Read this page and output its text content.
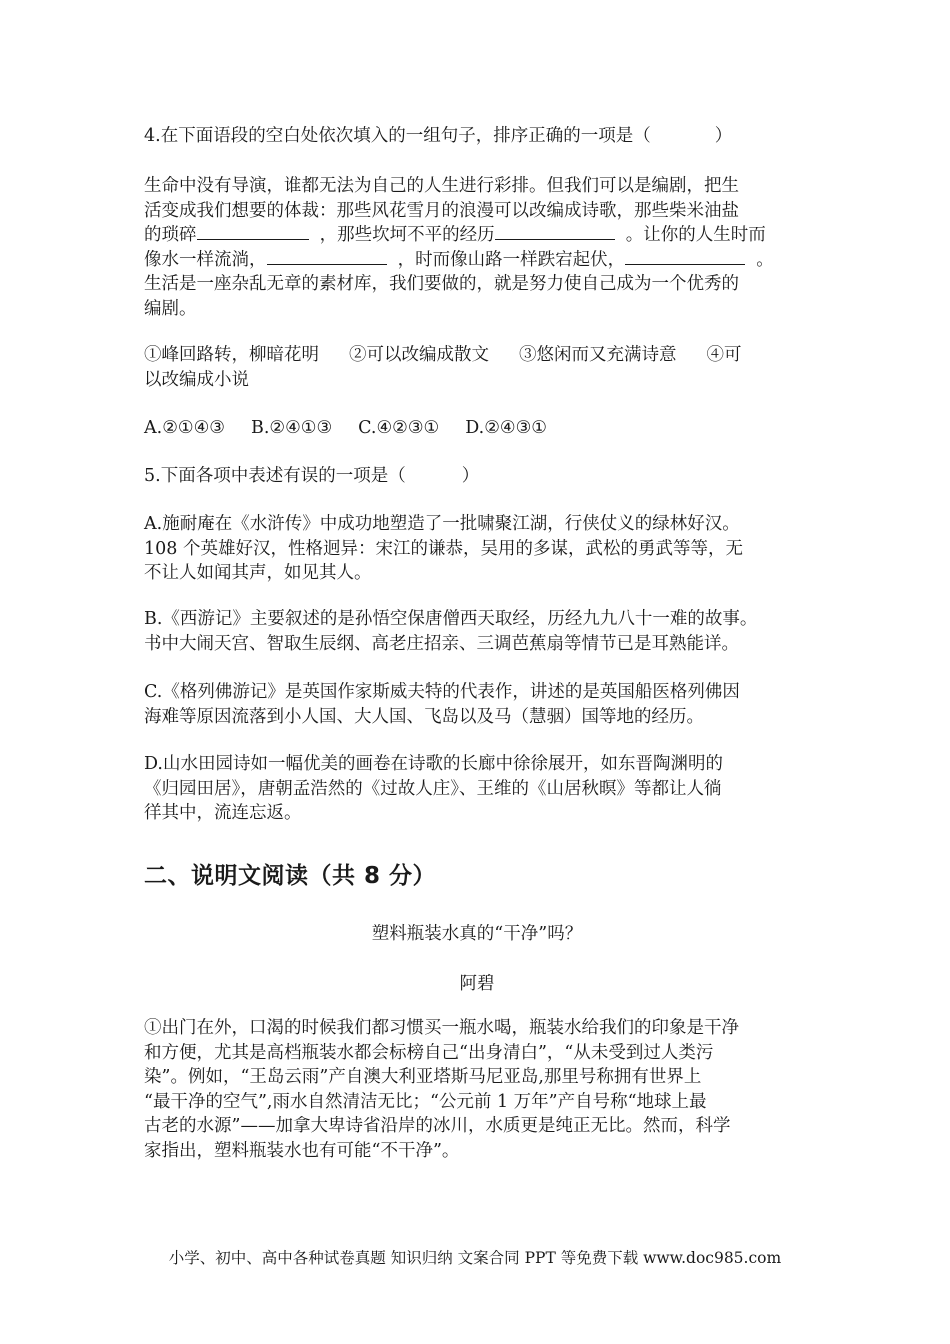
4.在下面语段的空白处依次填入的一组句子，排序正确的一项是（	）

生命中没有导演，谁都无法为自己的人生进行彩排。但我们可以是编剧，把生
活变成我们想要的体裁：那些风花雪月的浪漫可以改编成诗歌，那些柴米油盐
的琐碎	，那些坎坷不平的经历	。让你的人生时而
像水一样流淌，	，时而像山路一样跌宕起伏，	。
生活是一座杂乱无章的素材库，我们要做的，就是努力使自己成为一个优秀的
编剧。
①峰回路转，柳暗花明 ②可以改编成散文 ③悠闲而又充满诗意 ④可
以改编成小说
A.②①④③ B.②④①③ C.④②③① D.②④③①

5.下面各项中表述有误的一项是（	）

A.施耐庵在《水浒传》中成功地塑造了一批啸聚江湖，行侠仗义的绿林好汉。
108 个英雄好汉，性格迥异：宋江的谦恭，吴用的多谋，武松的勇武等等，无
不让人如闻其声，如见其人。
B.《西游记》主要叙述的是孙悟空保唐僧西天取经，历经九九八十一难的故事。
书中大闹天宫、智取生辰纲、高老庄招亲、三调芭蕉扇等情节已是耳熟能详。
C.《格列佛游记》是英国作家斯威夫特的代表作，讲述的是英国船医格列佛因
海难等原因流落到小人国、大人国、飞岛以及马（慧骃）国等地的经历。
D.山水田园诗如一幅优美的画卷在诗歌的长廊中徐徐展开，如东晋陶渊明的
《归园田居》，唐朝孟浩然的《过故人庄》、王维的《山居秋暝》等都让人徜
徉其中，流连忘返。
二、说明文阅读（共 8 分）
塑料瓶装水真的“干净”吗？
阿碧
①出门在外，口渴的时候我们都习惯买一瓶水喝，瓶装水给我们的印象是干净
和方便，尤其是高档瓶装水都会标榜自己“出身清白”，“从未受到过人类污
染”。例如，“王岛云雨”产自澳大利亚塔斯马尼亚岛,那里号称拥有世界上
“最干净的空气”,雨水自然清洁无比；“公元前 1 万年”产自号称“地球上最
古老的水源”——加拿大卑诗省沿岸的冰川，水质更是纯正无比。然而，科学
家指出，塑料瓶装水也有可能“不干净”。
小学、初中、高中各种试卷真题 知识归纳 文案合同 PPT 等免费下载 www.doc985.com
